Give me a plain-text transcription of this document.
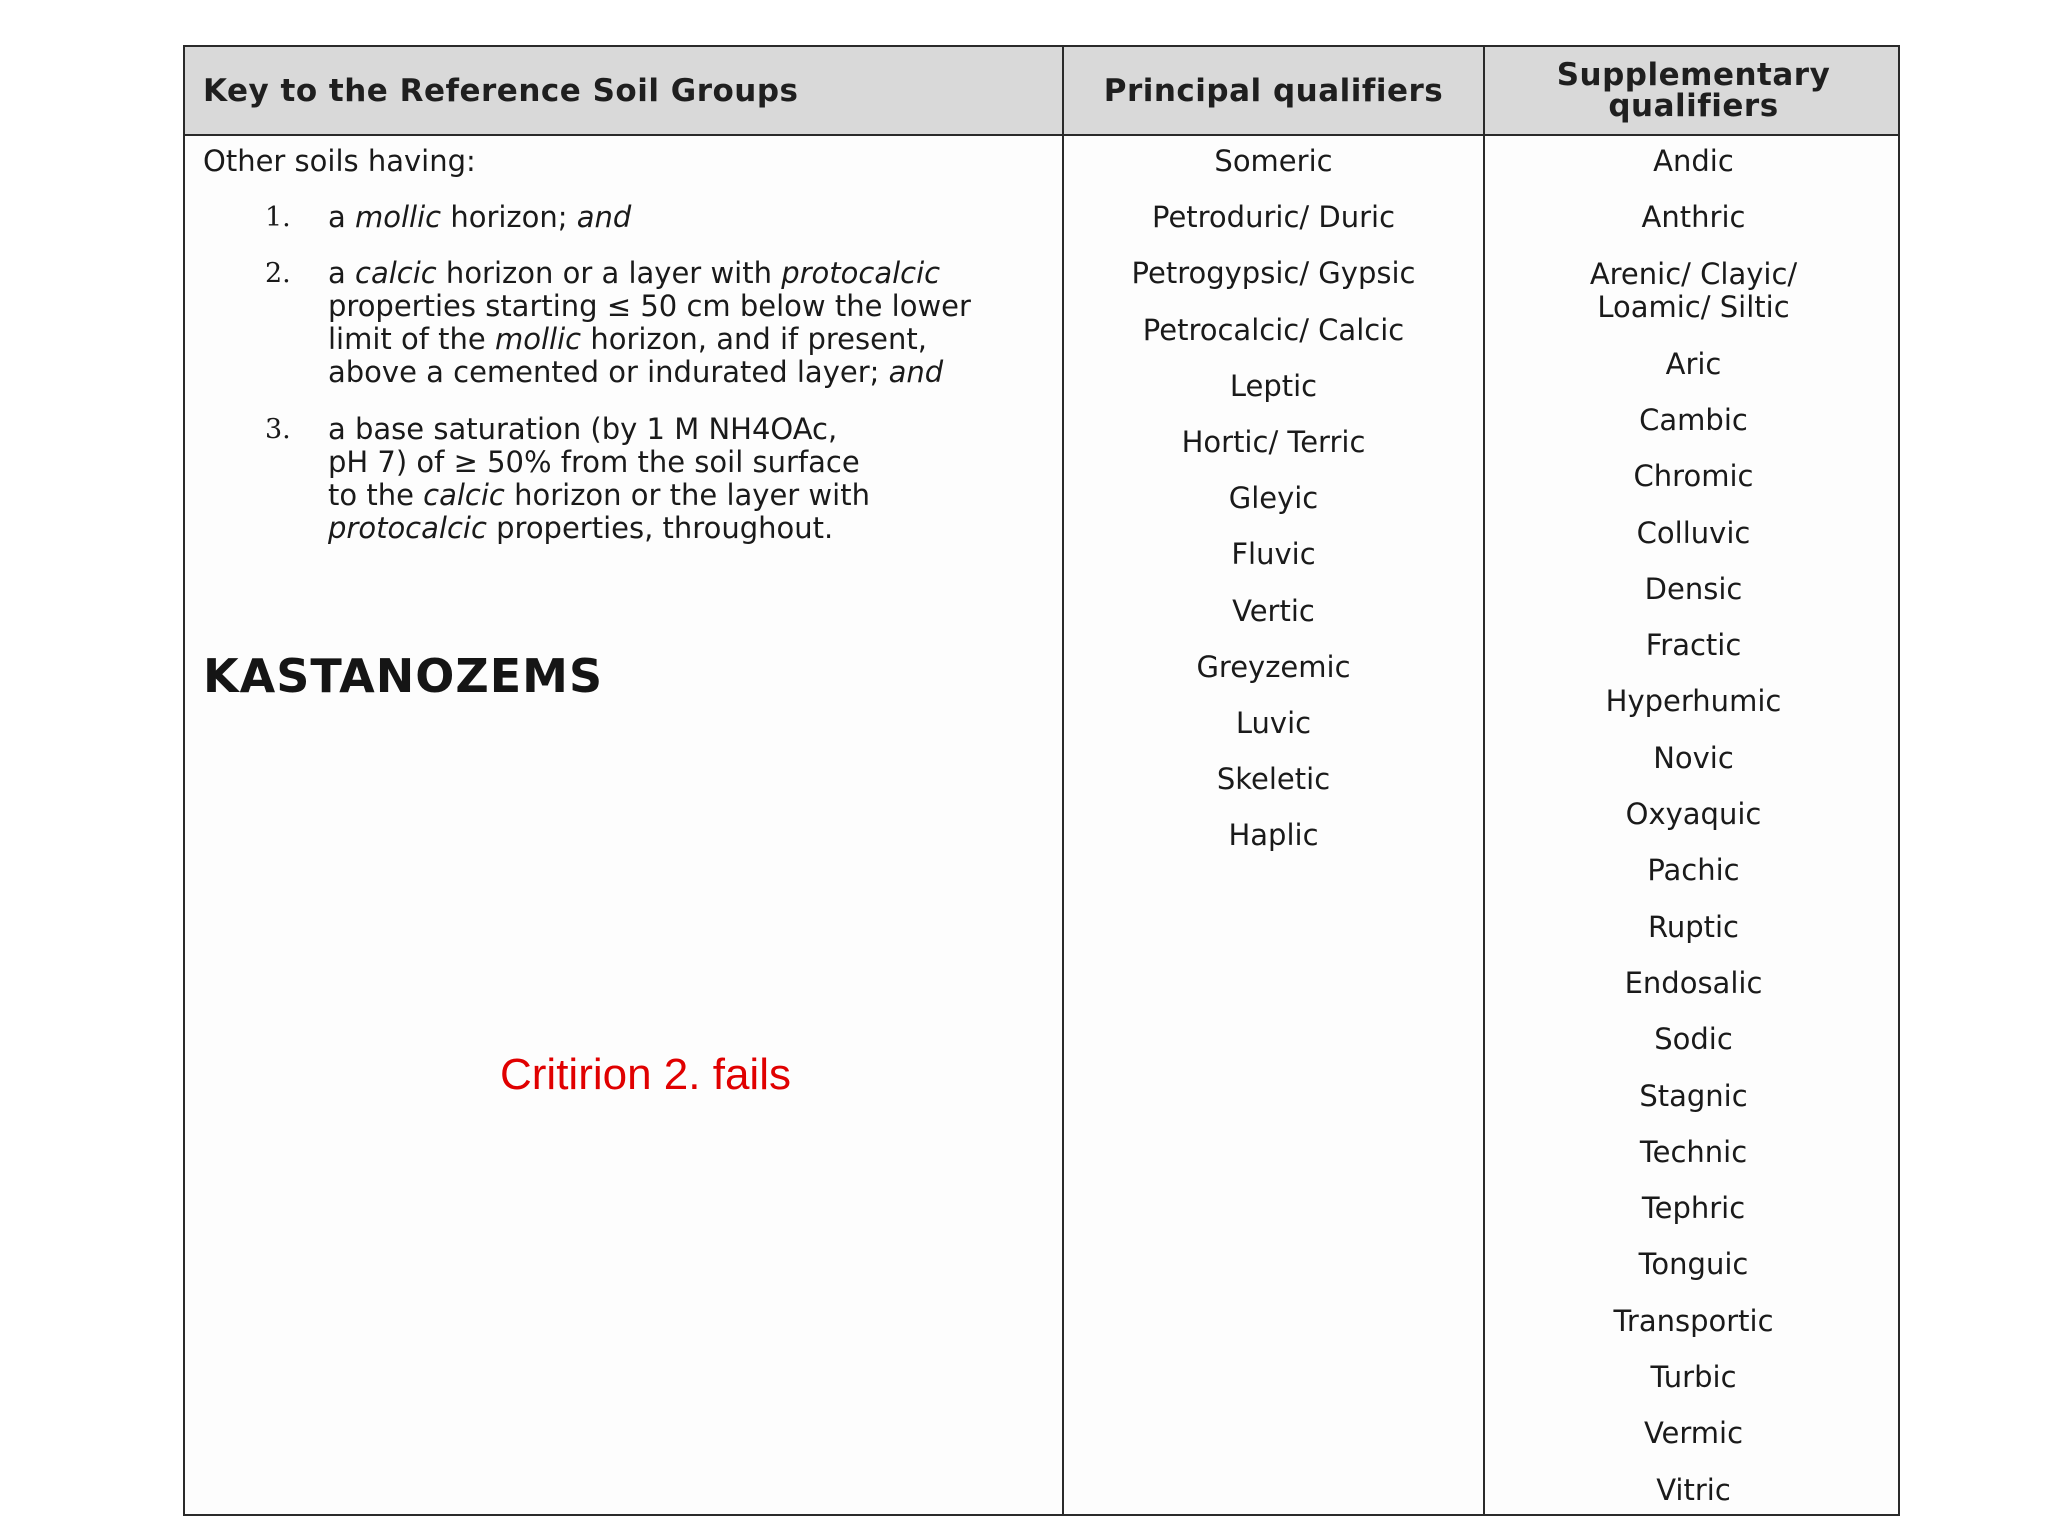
Key to the Reference Soil Groups	Principal qualifiers	Supplementary
qualifiers

Other soils having:

1. a mollic horizon; and
2. a calcic horizon or a layer with protocalcic
properties starting ≤ 50 cm below the lower
limit of the mollic horizon, and if present,
above a cemented or indurated layer; and
3. a base saturation (by 1 M NH4OAc,
pH 7) of ≥ 50% from the soil surface
to the calcic horizon or the layer with
protocalcic properties, throughout.
KASTANOZEMS
Critirion 2. fails
Someric
Petroduric/ Duric
Petrogypsic/ Gypsic
Petrocalcic/ Calcic
Leptic
Hortic/ Terric
Gleyic
Fluvic
Vertic
Greyzemic
Luvic
Skeletic
Haplic
Andic
Anthric
Arenic/ Clayic/
Loamic/ Siltic
Aric
Cambic
Chromic
Colluvic
Densic
Fractic
Hyperhumic
Novic
Oxyaquic
Pachic
Ruptic
Endosalic
Sodic
Stagnic
Technic
Tephric
Tonguic
Transportic
Turbic
Vermic
Vitric
